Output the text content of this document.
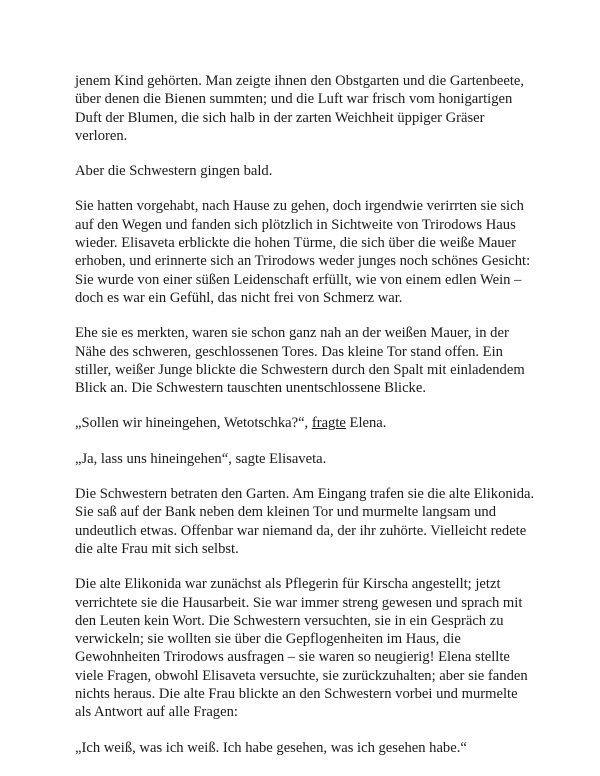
jenem Kind gehörten. Man zeigte ihnen den Obstgarten und die Gartenbeete, über denen die Bienen summten; und die Luft war frisch vom honigartigen Duft der Blumen, die sich halb in der zarten Weichheit üppiger Gräser verloren.

Aber die Schwestern gingen bald.

Sie hatten vorgehabt, nach Hause zu gehen, doch irgendwie verirrten sie sich auf den Wegen und fanden sich plötzlich in Sichtweite von Trirodows Haus wieder. Elisaveta erblickte die hohen Türme, die sich über die weiße Mauer erhoben, und erinnerte sich an Trirodows weder junges noch schönes Gesicht: Sie wurde von einer süßen Leidenschaft erfüllt, wie von einem edlen Wein – doch es war ein Gefühl, das nicht frei von Schmerz war.

Ehe sie es merkten, waren sie schon ganz nah an der weißen Mauer, in der Nähe des schweren, geschlossenen Tores. Das kleine Tor stand offen. Ein stiller, weißer Junge blickte die Schwestern durch den Spalt mit einladendem Blick an. Die Schwestern tauschten unentschlossene Blicke.

„Sollen wir hineingehen, Wetotschka?“, fragte Elena.

„Ja, lass uns hineingehen“, sagte Elisaveta.

Die Schwestern betraten den Garten. Am Eingang trafen sie die alte Elikonida. Sie saß auf der Bank neben dem kleinen Tor und murmelte langsam und undeutlich etwas. Offenbar war niemand da, der ihr zuhörte. Vielleicht redete die alte Frau mit sich selbst.

Die alte Elikonida war zunächst als Pflegerin für Kirscha angestellt; jetzt verrichtete sie die Hausarbeit. Sie war immer streng gewesen und sprach mit den Leuten kein Wort. Die Schwestern versuchten, sie in ein Gespräch zu verwickeln; sie wollten sie über die Gepflogenheiten im Haus, die Gewohnheiten Trirodows ausfragen – sie waren so neugierig! Elena stellte viele Fragen, obwohl Elisaveta versuchte, sie zurückzuhalten; aber sie fanden nichts heraus. Die alte Frau blickte an den Schwestern vorbei und murmelte als Antwort auf alle Fragen:

„Ich weiß, was ich weiß. Ich habe gesehen, was ich gesehen habe.“
